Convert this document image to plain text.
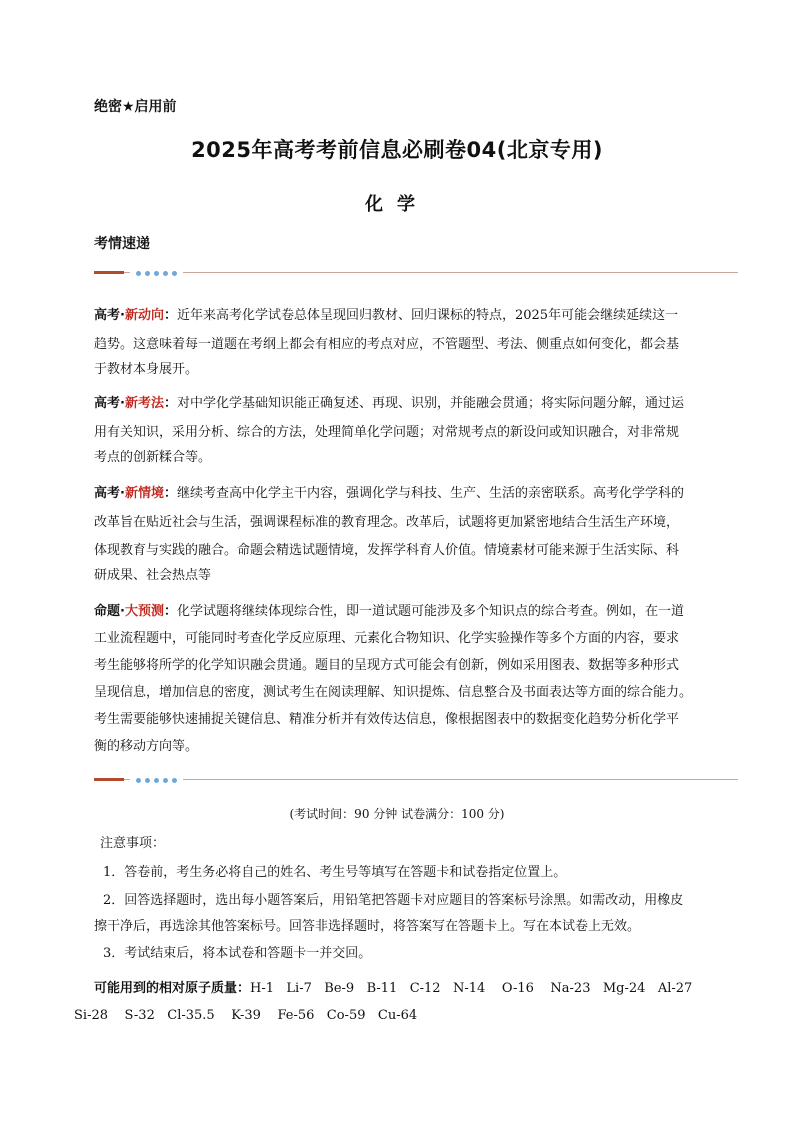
绝密★启用前
2025年高考考前信息必刷卷04(北京专用)
化学
考情速递
高考·新动向：近年来高考化学试卷总体呈现回归教材、回归课标的特点，2025年可能会继续延续这一
趋势。这意味着每一道题在考纲上都会有相应的考点对应，不管题型、考法、侧重点如何变化，都会基
于教材本身展开。
高考·新考法：对中学化学基础知识能正确复述、再现、识别，并能融会贯通；将实际问题分解，通过运
用有关知识，采用分析、综合的方法，处理简单化学问题；对常规考点的新设问或知识融合，对非常规
考点的创新糅合等。
高考·新情境：继续考查高中化学主干内容，强调化学与科技、生产、生活的亲密联系。高考化学学科的
改革旨在贴近社会与生活，强调课程标准的教育理念。改革后，试题将更加紧密地结合生活生产环境，
体现教育与实践的融合。命题会精选试题情境，发挥学科育人价值。情境素材可能来源于生活实际、科
研成果、社会热点等
命题·大预测：化学试题将继续体现综合性，即一道试题可能涉及多个知识点的综合考查。例如，在一道
工业流程题中，可能同时考查化学反应原理、元素化合物知识、化学实验操作等多个方面的内容，要求
考生能够将所学的化学知识融会贯通。题目的呈现方式可能会有创新，例如采用图表、数据等多种形式
呈现信息，增加信息的密度，测试考生在阅读理解、知识提炼、信息整合及书面表达等方面的综合能力。
考生需要能够快速捕捉关键信息、精准分析并有效传达信息，像根据图表中的数据变化趋势分析化学平
衡的移动方向等。
(考试时间：90 分钟 试卷满分：100 分)
注意事项：
1．答卷前，考生务必将自己的姓名、考生号等填写在答题卡和试卷指定位置上。
2．回答选择题时，选出每小题答案后，用铅笔把答题卡对应题目的答案标号涂黑。如需改动，用橡皮
擦干净后，再选涂其他答案标号。回答非选择题时，将答案写在答题卡上。写在本试卷上无效。
3．考试结束后，将本试卷和答题卡一并交回。
可能用到的相对原子质量：H-1   Li-7   Be-9   B-11   C-12   N-14    O-16    Na-23   Mg-24   Al-27
Si-28    S-32   Cl-35.5    K-39    Fe-56   Co-59   Cu-64
